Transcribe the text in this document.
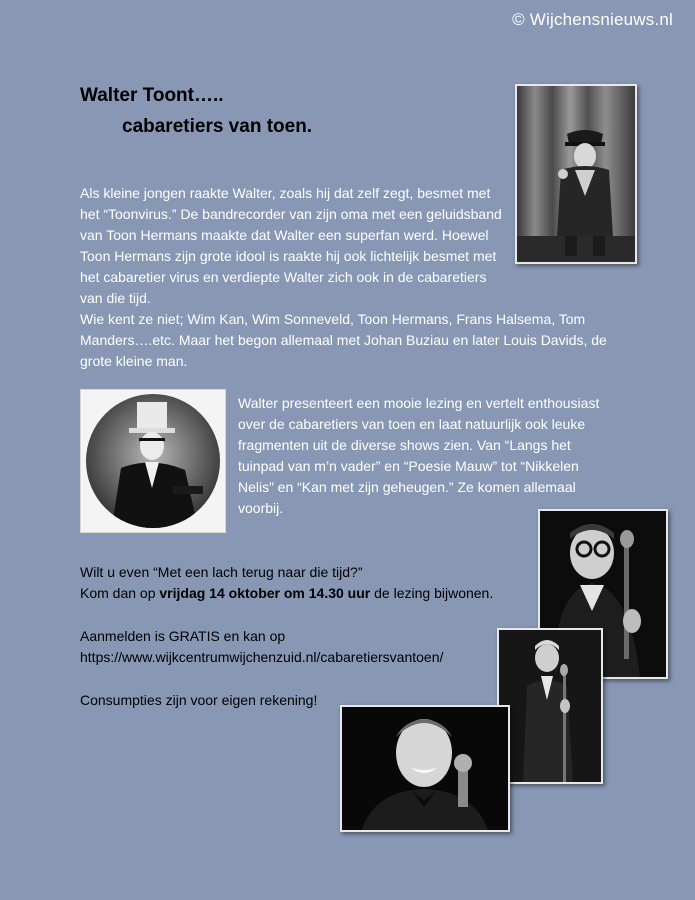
© Wijchensnieuws.nl
Walter Toont…..
cabaretiers van toen.

Als kleine jongen raakte Walter, zoals hij dat zelf zegt, besmet met het “Toonvirus.” De bandrecorder van zijn oma met een geluidsband van Toon Hermans maakte dat Walter een superfan werd. Hoewel Toon Hermans zijn grote idool is raakte hij ook lichtelijk besmet met het cabaretier virus en verdiepte Walter zich ook in de cabaretiers van die tijd.

Wie kent ze niet; Wim Kan, Wim Sonneveld, Toon Hermans, Frans Halsema, Tom Manders….etc. Maar het begon allemaal met Johan Buziau en later Louis Davids, de grote kleine man.

Walter presenteert een mooie lezing en vertelt enthousiast over de cabaretiers van toen en laat natuurlijk ook leuke fragmenten uit de diverse shows zien. Van “Langs het tuinpad van m’n vader” en “Poesie Mauw” tot “Nikkelen Nelis” en “Kan met zijn geheugen.” Ze komen allemaal voorbij.

Wilt u even “Met een lach terug naar die tijd?”

Kom dan op vrijdag 14 oktober om 14.30 uur de lezing bijwonen.

Aanmelden is GRATIS en kan op

https://www.wijkcentrumwijchenzuid.nl/cabaretiersvantoen/

Consumpties zijn voor eigen rekening!
